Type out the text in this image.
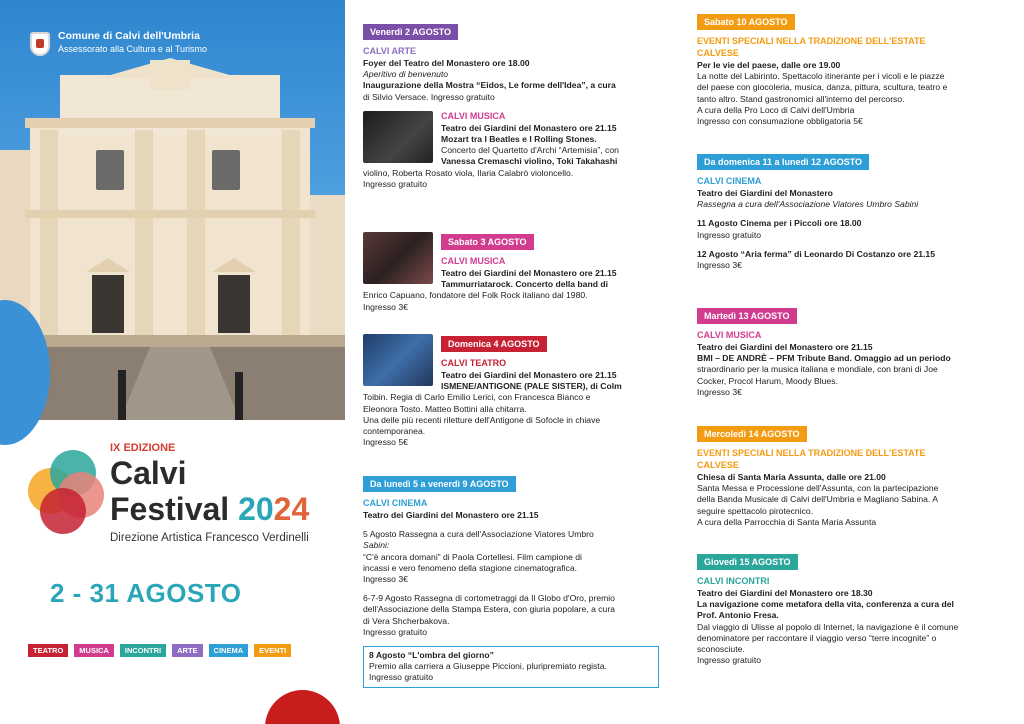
Comune di Calvi dell'Umbria
Assessorato alla Cultura e al Turismo
IX EDIZIONE
Calvi
Festival 2024
Direzione Artistica Francesco Verdinelli
2 - 31 AGOSTO
TEATRO	MUSICA	INCONTRI	ARTE	CINEMA	EVENTI
Venerdì 2 AGOSTO
CALVI ARTE
Foyer del Teatro del Monastero ore 18.00
Aperitivo di benvenuto
Inaugurazione della Mostra “Eidos, Le forme dell'Idea”, a cura
di Silvio Versace. Ingresso gratuito
CALVI MUSICA
Teatro dei Giardini del Monastero ore 21.15
Mozart tra I Beatles e I Rolling Stones.
Concerto del Quartetto d'Archi “Artemisia”, con
Vanessa Cremaschi violino, Toki Takahashi
violino, Roberta Rosato viola, Ilaria Calabrò violoncello.
Ingresso gratuito
Sabato 3 AGOSTO
CALVI MUSICA
Teatro dei Giardini del Monastero ore 21.15
Tammurriatarock. Concerto della band di
Enrico Capuano, fondatore del Folk Rock italiano dal 1980.
Ingresso 3€
Domenica 4 AGOSTO
CALVI TEATRO
Teatro dei Giardini del Monastero ore 21.15
ISMENE/ANTIGONE (PALE SISTER), di Colm
Toibin. Regia di Carlo Emilio Lerici, con Francesca Bianco e
Eleonora Tosto. Matteo Bottini alla chitarra.
Una delle più recenti riletture dell'Antigone di Sofocle in chiave
contemporanea.
Ingresso 5€
Da lunedì 5 a venerdì 9 AGOSTO
CALVI CINEMA
Teatro dei Giardini del Monastero ore 21.15
5 Agosto Rassegna a cura dell'Associazione Viatores Umbro
Sabini:
“C'è ancora domani” di Paola Cortellesi. Film campione di
incassi e vero fenomeno della stagione cinematografica.
Ingresso 3€
6-7-9 Agosto Rassegna di cortometraggi da Il Globo d'Oro, premio
dell'Associazione della Stampa Estera, con giuria popolare, a cura
di Vera Shcherbakova.
Ingresso gratuito
8 Agosto “L'ombra del giorno”
Premio alla carriera a Giuseppe Piccioni, pluripremiato regista.
Ingresso gratuito
Sabato 10 AGOSTO
EVENTI SPECIALI NELLA TRADIZIONE DELL'ESTATE
CALVESE
Per le vie del paese, dalle ore 19.00
La notte del Labirinto. Spettacolo itinerante per i vicoli e le piazze
del paese con giocoleria, musica, danza, pittura, scultura, teatro e
tanto altro. Stand gastronomici all'interno del percorso.
A cura della Pro Loco di Calvi dell'Umbria
Ingresso con consumazione obbligatoria 5€
Da domenica 11 a lunedì 12 AGOSTO
CALVI CINEMA
Teatro dei Giardini del Monastero
Rassegna a cura dell'Associazione Viatores Umbro Sabini
11 Agosto Cinema per i Piccoli ore 18.00
Ingresso gratuito
12 Agosto “Aria ferma” di Leonardo Di Costanzo ore 21.15
Ingresso 3€
Martedì 13 AGOSTO
CALVI MUSICA
Teatro dei Giardini del Monastero ore 21.15
BMI – DE ANDRÈ – PFM Tribute Band. Omaggio ad un periodo
straordinario per la musica italiana e mondiale, con brani di Joe
Cocker, Procol Harum, Moody Blues.
Ingresso 3€
Mercoledì 14 AGOSTO
EVENTI SPECIALI NELLA TRADIZIONE DELL'ESTATE
CALVESE
Chiesa di Santa Maria Assunta, dalle ore 21.00
Santa Messa e Processione dell'Assunta, con la partecipazione
della Banda Musicale di Calvi dell'Umbria e Magliano Sabina. A
seguire spettacolo pirotecnico.
A cura della Parrocchia di Santa Maria Assunta
Giovedì 15 AGOSTO
CALVI INCONTRI
Teatro dei Giardini del Monastero ore 18.30
La navigazione come metafora della vita, conferenza a cura del
Prof. Antonio Fresa.
Dal viaggio di Ulisse al popolo di Internet, la navigazione è il comune
denominatore per raccontare il viaggio verso “terre incognite” o
sconosciute.
Ingresso gratuito
